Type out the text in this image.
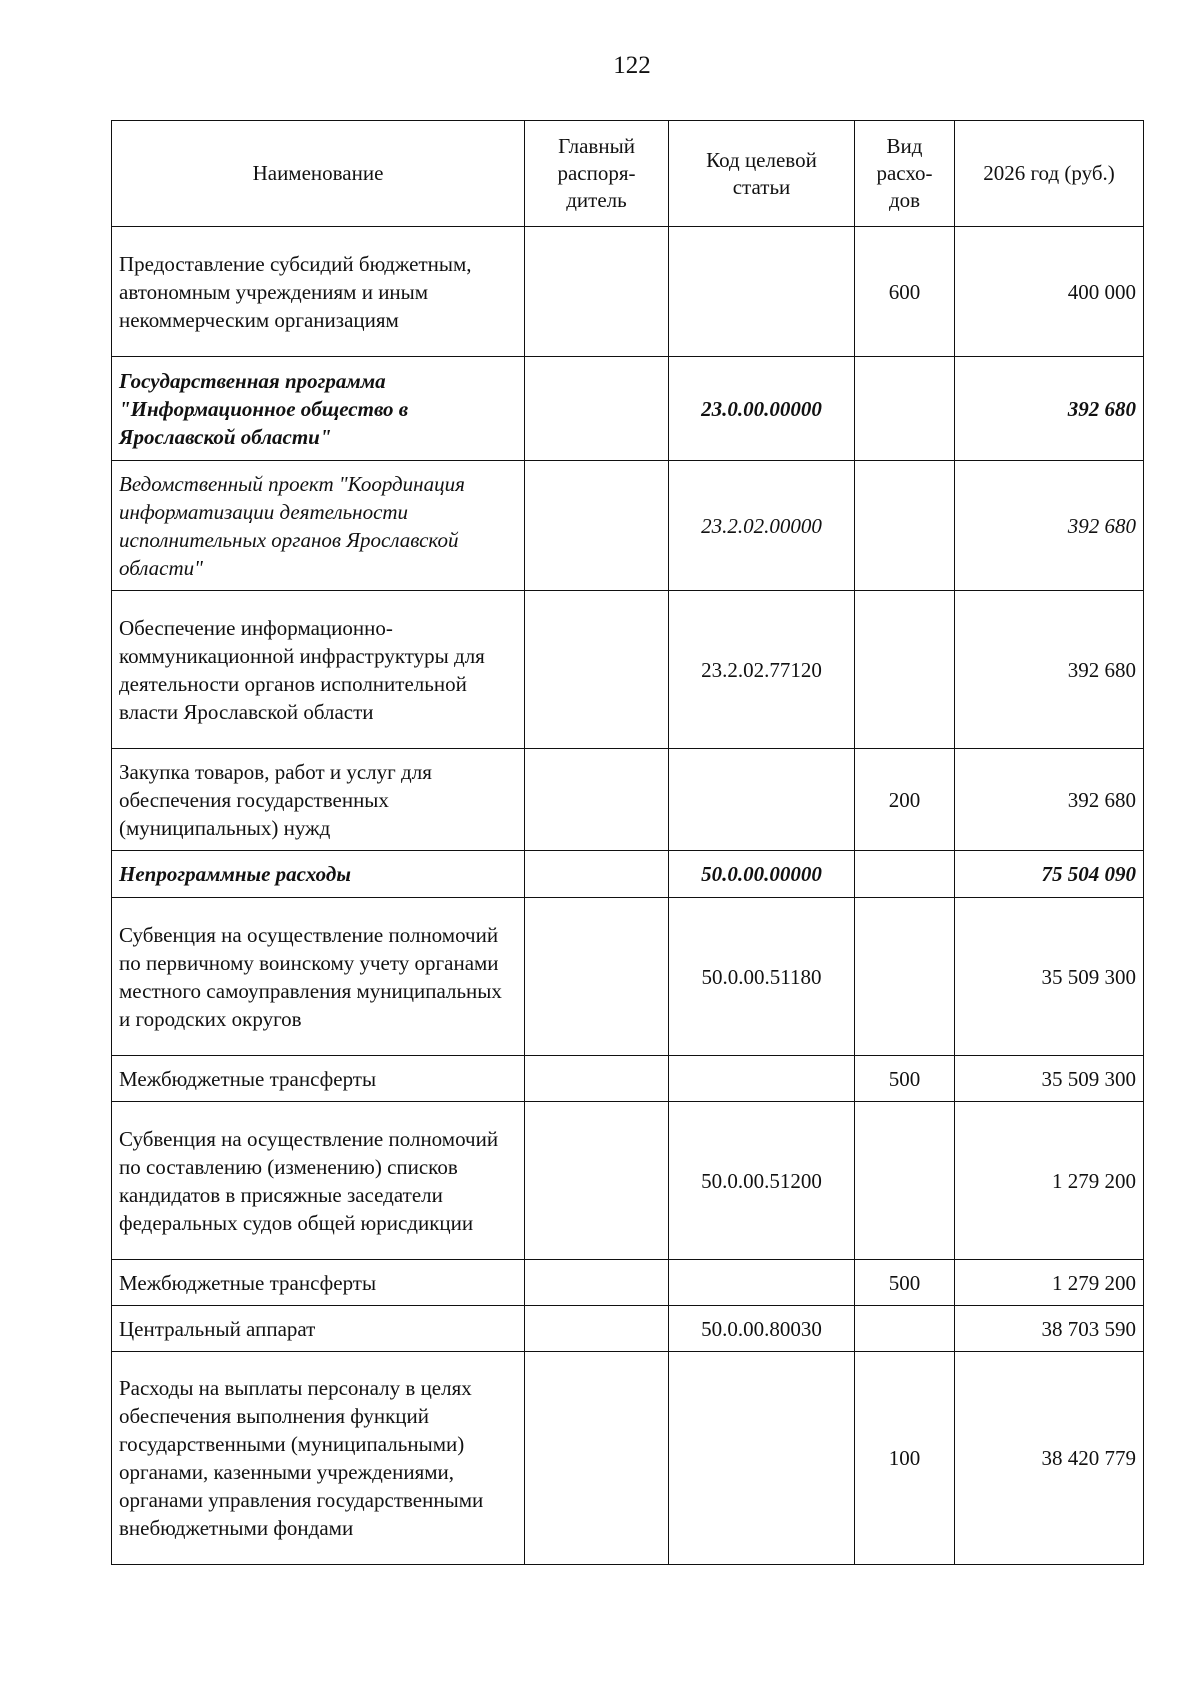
122
Наименование	Главный распоря-дитель	Код целевой статьи	Вид расхо-дов	2026 год (руб.)
Предоставление субсидий бюджетным, автономным учреждениям и иным некоммерческим организациям			600	400 000
Государственная программа "Информационное общество в Ярославской области"		23.0.00.00000		392 680
Ведомственный проект "Координация информатизации деятельности исполнительных органов Ярославской области"		23.2.02.00000		392 680
Обеспечение информационно-коммуникационной инфраструктуры для деятельности органов исполнительной власти Ярославской области		23.2.02.77120		392 680
Закупка товаров, работ и услуг для обеспечения государственных (муниципальных) нужд			200	392 680
Непрограммные расходы		50.0.00.00000		75 504 090
Субвенция на осуществление полномочий по первичному воинскому учету органами местного самоуправления муниципальных и городских округов		50.0.00.51180		35 509 300
Межбюджетные трансферты			500	35 509 300
Субвенция на осуществление полномочий по составлению (изменению) списков кандидатов в присяжные заседатели федеральных судов общей юрисдикции		50.0.00.51200		1 279 200
Межбюджетные трансферты			500	1 279 200
Центральный аппарат		50.0.00.80030		38 703 590
Расходы на выплаты персоналу в целях обеспечения выполнения функций государственными (муниципальными) органами, казенными учреждениями, органами управления государственными внебюджетными фондами			100	38 420 779
